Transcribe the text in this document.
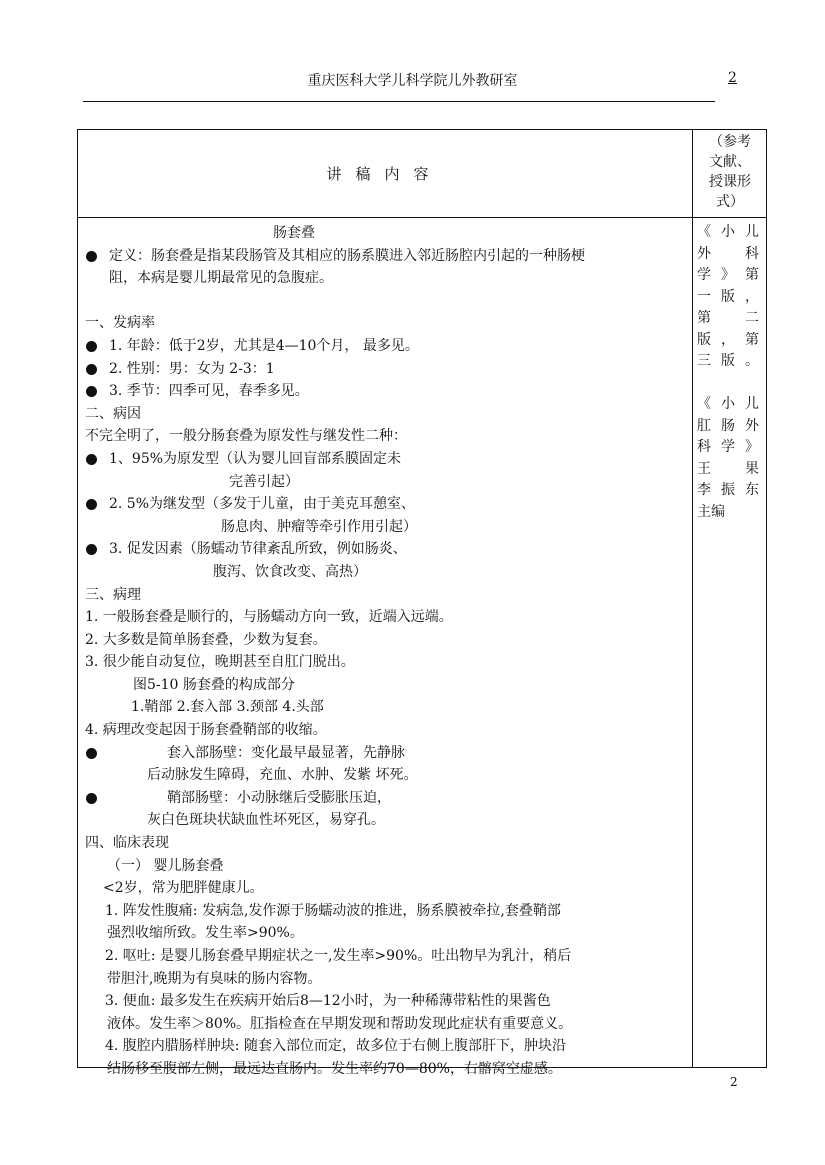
重庆医科大学儿科学院儿外教研室	2
讲稿内容
（参考
文献、
授课形
式）
肠套叠
定义：肠套叠是指某段肠管及其相应的肠系膜进入邻近肠腔内引起的一种肠梗
阻，本病是婴儿期最常见的急腹症。

一、发病率
1. 年龄：低于2岁，尤其是4—10个月， 最多见。
2. 性别：男：女为 2-3：1
3. 季节：四季可见，春季多见。
二、病因
不完全明了，一般分肠套叠为原发性与继发性二种：
1、95%为原发型（认为婴儿回盲部系膜固定未
完善引起）
2. 5%为继发型（多发于儿童，由于美克耳憩室、
肠息肉、肿瘤等牵引作用引起）
3. 促发因素（肠蠕动节律紊乱所致，例如肠炎、
腹泻、饮食改变、高热）
三、病理
1. 一般肠套叠是顺行的，与肠蠕动方向一致，近端入远端。
2. 大多数是简单肠套叠，少数为复套。
3. 很少能自动复位，晚期甚至自肛门脱出。
图5-10 肠套叠的构成部分
1.鞘部 2.套入部 3.颈部 4.头部
4. 病理改变起因于肠套叠鞘部的收缩。
套入部肠壁：变化最早最显著，先静脉
后动脉发生障碍，充血、水肿、发紫 坏死。
鞘部肠壁：小动脉继后受膨胀压迫，
灰白色斑块状缺血性坏死区，易穿孔。
四、临床表现
（一） 婴儿肠套叠
<2岁，常为肥胖健康儿。
1. 阵发性腹痛: 发病急,发作源于肠蠕动波的推进，肠系膜被牵拉,套叠鞘部
强烈收缩所致。发生率>90%。
2. 呕吐: 是婴儿肠套叠早期症状之一,发生率>90%。吐出物早为乳汁，稍后
带胆汁,晚期为有臭味的肠内容物。
3. 便血: 最多发生在疾病开始后8—12小时，为一种稀薄带粘性的果酱色
液体。发生率＞80%。肛指检查在早期发现和帮助发现此症状有重要意义。
4. 腹腔内腊肠样肿块: 随套入部位而定，故多位于右侧上腹部肝下，肿块沿
结肠移至腹部左侧，最远达直肠内。发生率约70—80%，右髂窝空虚感。
《小儿
外 科
学》第
一版，
第 二
版，第
三版。

《小儿
肛肠外
科学》
王 果
李振东
主编
2
